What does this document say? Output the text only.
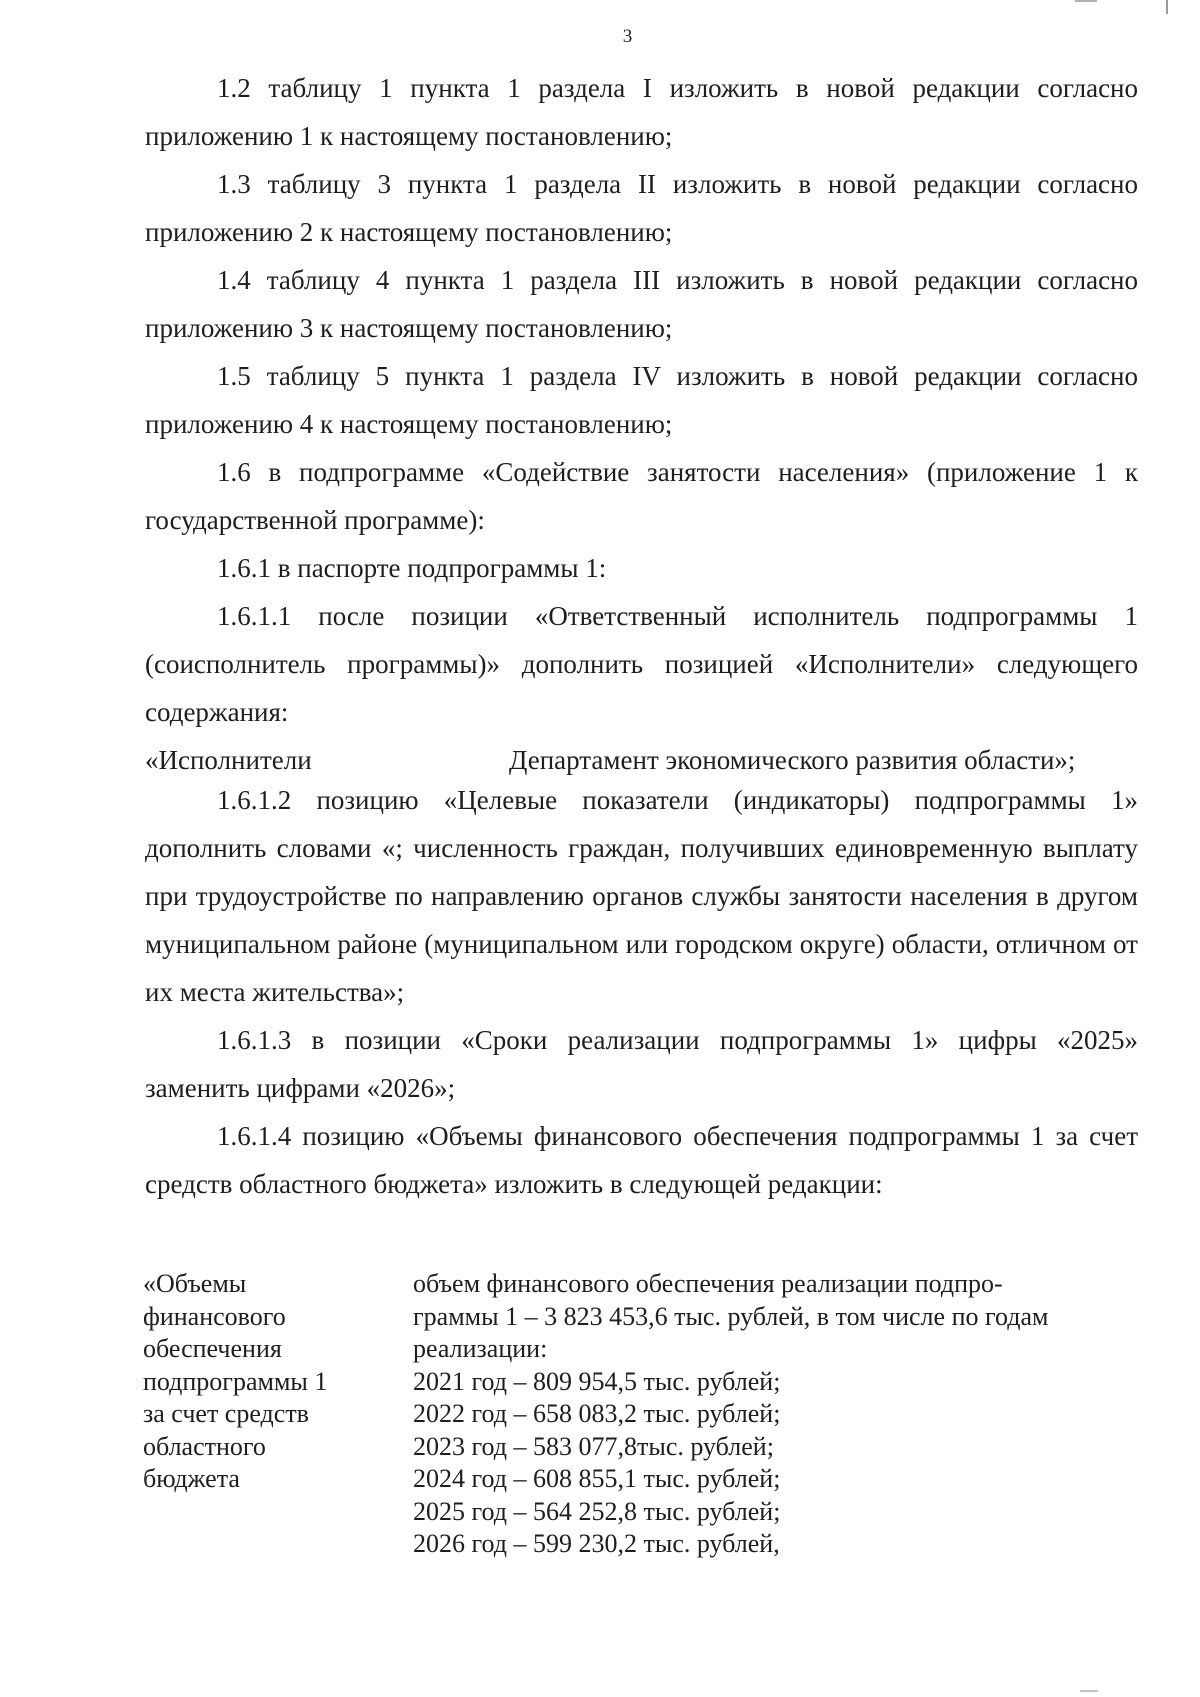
3

1.2 таблицу 1 пункта 1 раздела I изложить в новой редакции согласно приложению 1 к настоящему постановлению;

1.3 таблицу 3 пункта 1 раздела II изложить в новой редакции согласно приложению 2 к настоящему постановлению;

1.4 таблицу 4 пункта 1 раздела III изложить в новой редакции согласно приложению 3 к настоящему постановлению;

1.5 таблицу 5 пункта 1 раздела IV изложить в новой редакции согласно приложению 4 к настоящему постановлению;

1.6 в подпрограмме «Содействие занятости населения» (приложение 1 к государственной программе):

1.6.1 в паспорте подпрограммы 1:

1.6.1.1 после позиции «Ответственный исполнитель подпрограммы 1 (соисполнитель программы)» дополнить позицией «Исполнители» следующего содержания:

«Исполнители	Департамент экономического развития области»;

1.6.1.2 позицию «Целевые показатели (индикаторы) подпрограммы 1» дополнить словами «; численность граждан, получивших единовременную выплату при трудоустройстве по направлению органов службы занятости населения в другом муниципальном районе (муниципальном или городском округе) области, отличном от их места жительства»;

1.6.1.3 в позиции «Сроки реализации подпрограммы 1» цифры «2025» заменить цифрами «2026»;

1.6.1.4 позицию «Объемы финансового обеспечения подпрограммы 1 за счет средств областного бюджета» изложить в следующей редакции:

«Объемы
финансового
обеспечения
подпрограммы 1
за счет средств
областного
бюджета
объем финансового обеспечения реализации подпро-
граммы 1 – 3 823 453,6 тыс. рублей, в том числе по годам
реализации:
2021 год – 809 954,5 тыс. рублей;
2022 год – 658 083,2 тыс. рублей;
2023 год – 583 077,8тыс. рублей;
2024 год – 608 855,1 тыс. рублей;
2025 год – 564 252,8 тыс. рублей;
2026 год – 599 230,2 тыс. рублей,
